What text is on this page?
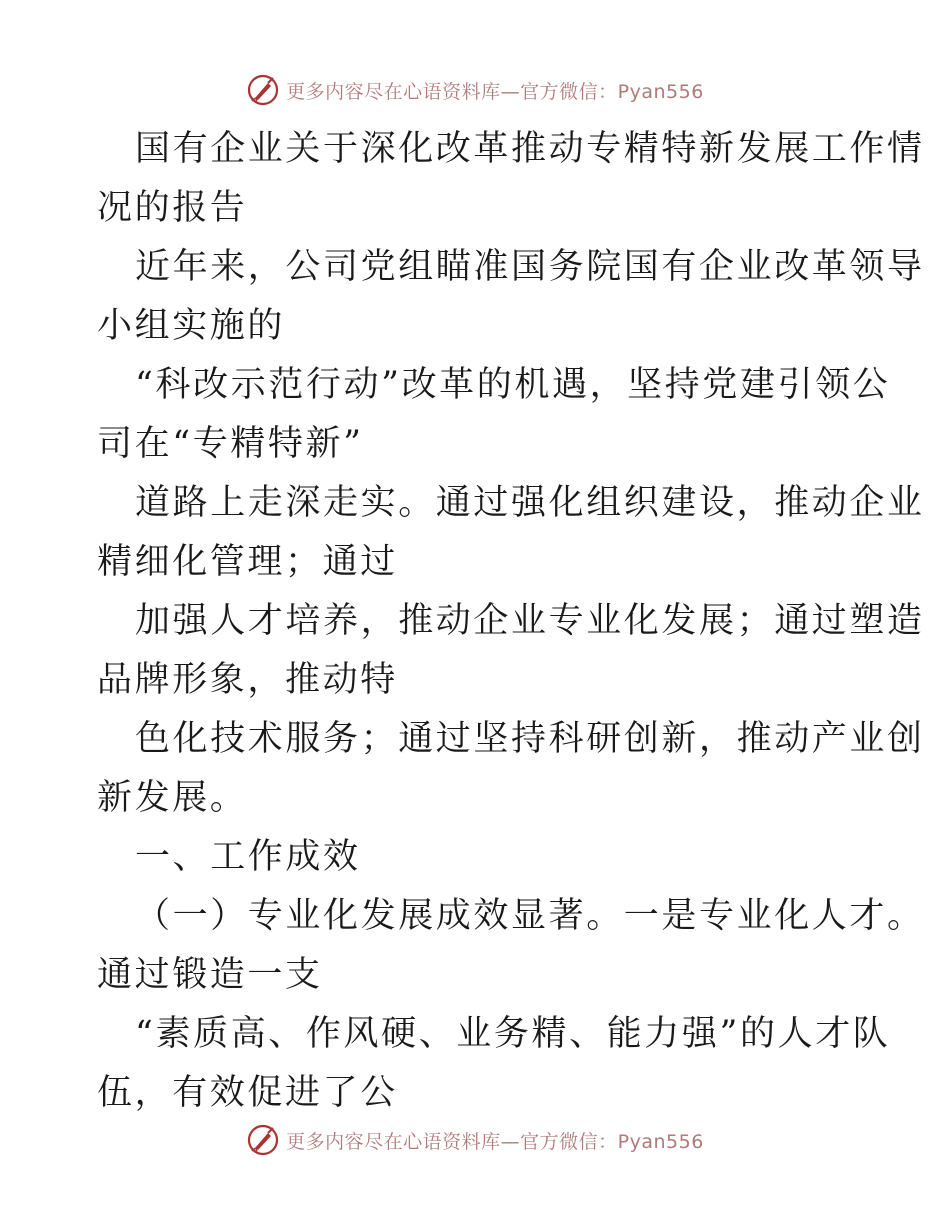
更多内容尽在心语资料库—官方微信：Pyan556

国有企业关于深化改革推动专精特新发展工作情
况的报告

近年来，公司党组瞄准国务院国有企业改革领导
小组实施的

“科改示范行动”改革的机遇，坚持党建引领公
司在“专精特新”

道路上走深走实。通过强化组织建设，推动企业
精细化管理；通过

加强人才培养，推动企业专业化发展；通过塑造
品牌形象，推动特

色化技术服务；通过坚持科研创新，推动产业创
新发展。

一、工作成效

（一）专业化发展成效显著。一是专业化人才。
通过锻造一支

“素质高、作风硬、业务精、能力强”的人才队
伍，有效促进了公

更多内容尽在心语资料库—官方微信：Pyan556
